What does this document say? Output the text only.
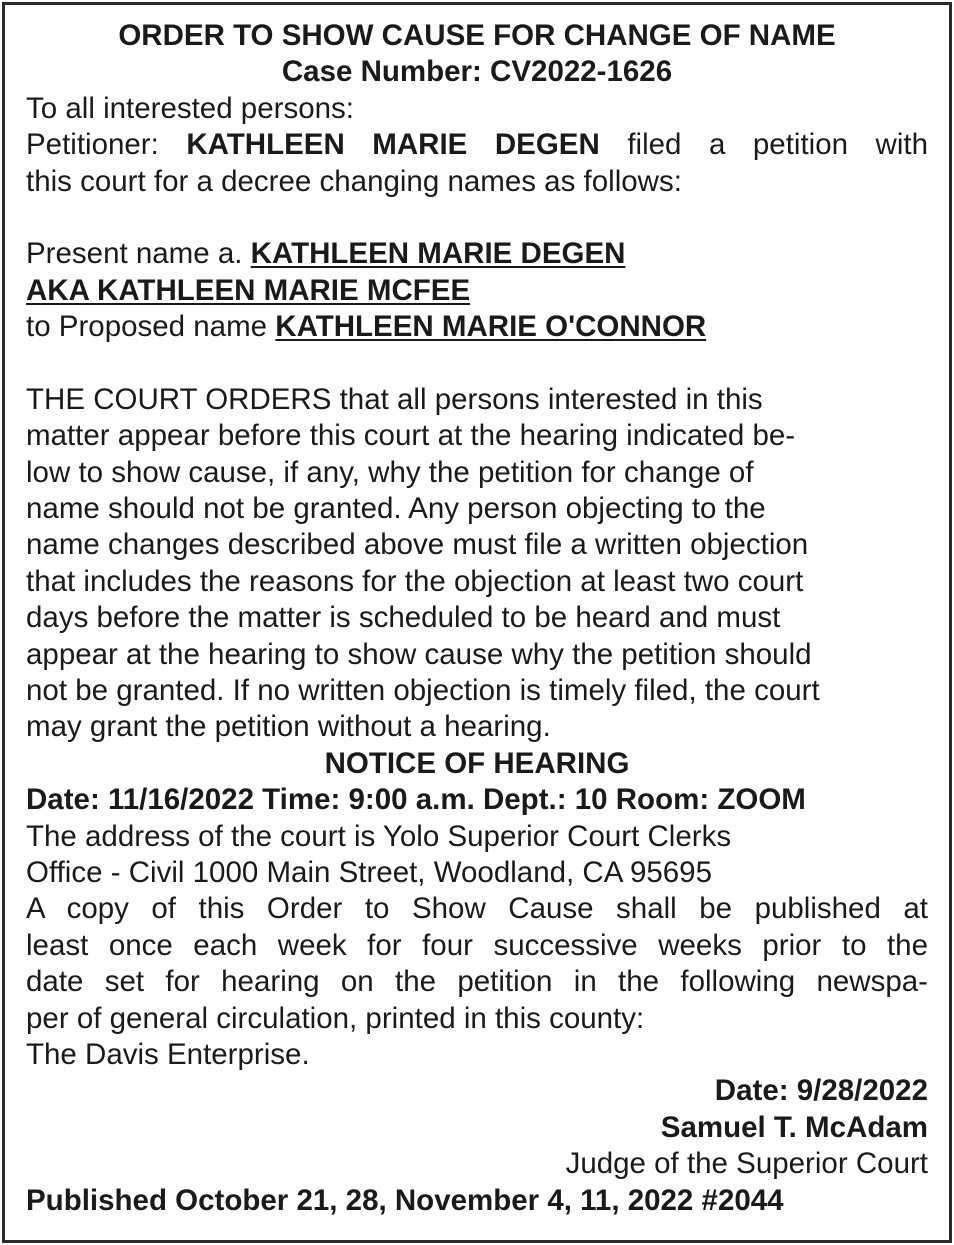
ORDER TO SHOW CAUSE FOR CHANGE OF NAME
Case Number: CV2022-1626
To all interested persons:
Petitioner: KATHLEEN MARIE DEGEN filed a petition with
this court for a decree changing names as follows:
Present name a. KATHLEEN MARIE DEGEN
AKA KATHLEEN MARIE MCFEE
to Proposed name KATHLEEN MARIE O'CONNOR
THE COURT ORDERS that all persons interested in this
matter appear before this court at the hearing indicated be-
low to show cause, if any, why the petition for change of
name should not be granted. Any person objecting to the
name changes described above must file a written objection
that includes the reasons for the objection at least two court
days before the matter is scheduled to be heard and must
appear at the hearing to show cause why the petition should
not be granted. If no written objection is timely filed, the court
may grant the petition without a hearing.
NOTICE OF HEARING
Date: 11/16/2022 Time: 9:00 a.m. Dept.: 10 Room: ZOOM
The address of the court is Yolo Superior Court Clerks
Office - Civil 1000 Main Street, Woodland, CA 95695
A copy of this Order to Show Cause shall be published at
least once each week for four successive weeks prior to the
date set for hearing on the petition in the following newspa-
per of general circulation, printed in this county:
The Davis Enterprise.
Date: 9/28/2022
Samuel T. McAdam
Judge of the Superior Court
Published October 21, 28, November 4, 11, 2022 #2044
